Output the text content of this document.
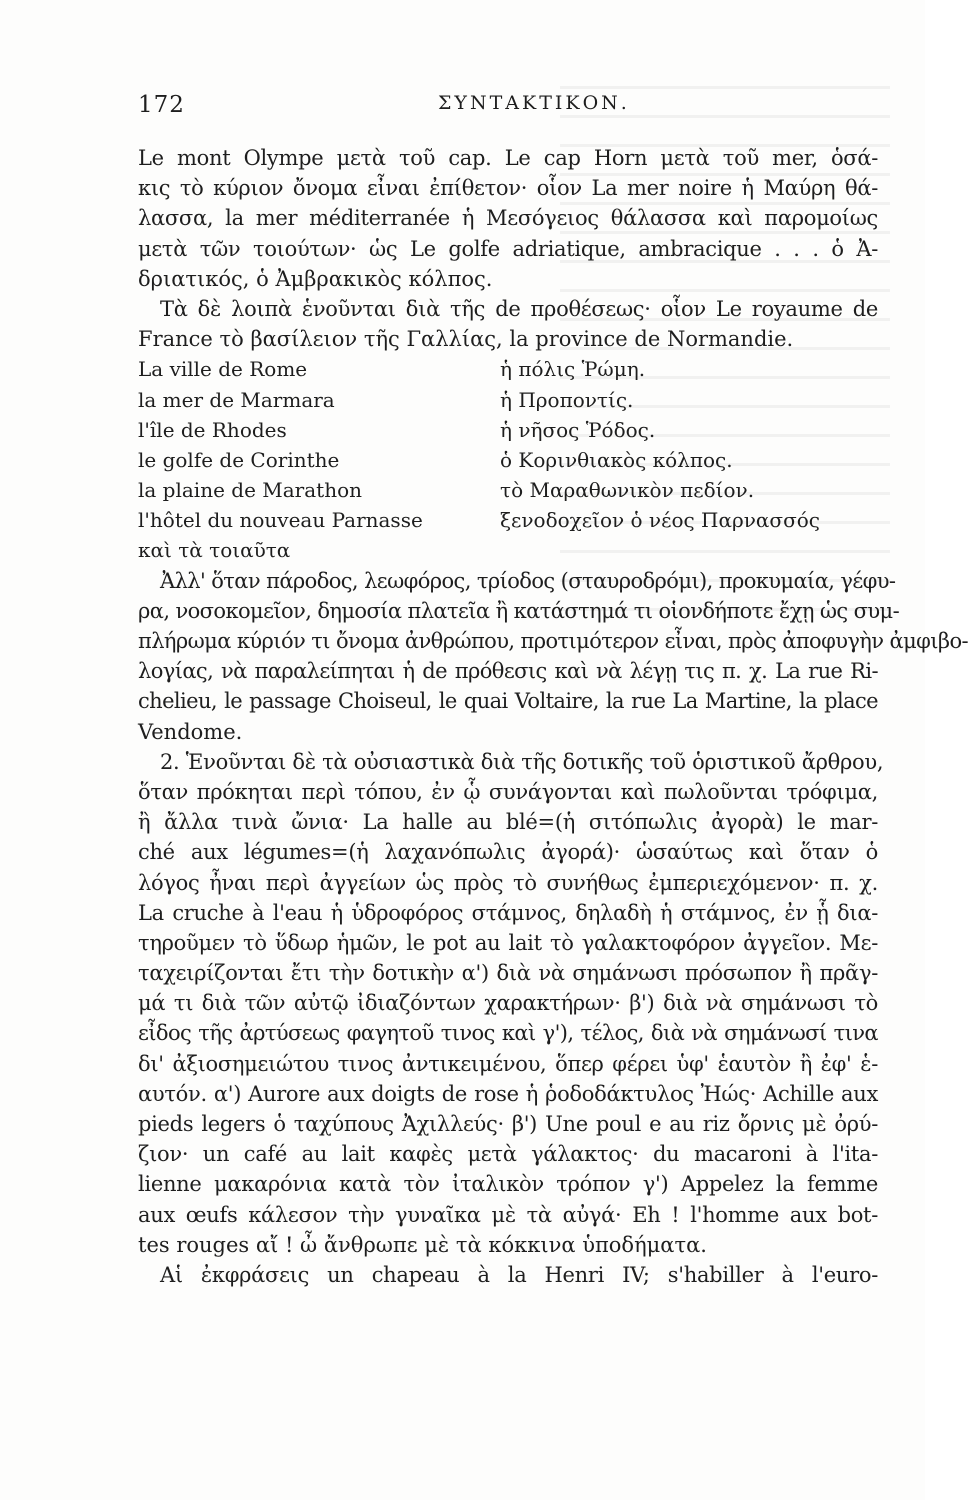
172	ΣΥΝΤΑΚΤΙΚΟΝ.
Le mont Olympe μετὰ τοῦ cap. Le cap Horn μετὰ τοῦ mer, ὁσά-
κις τὸ κύριον ὄνομα εἶναι ἐπίθετον· οἷον La mer noire ἡ Μαύρη θά-
λασσα, la mer méditerranée ἡ Μεσόγειος θάλασσα καὶ παρομοίως
μετὰ τῶν τοιούτων· ὡς Le golfe adriatique, ambracique . . . ὁ Ἀ-
δριατικός, ὁ Ἀμβρακικὸς κόλπος.
Τὰ δὲ λοιπὰ ἑνοῦνται διὰ τῆς de προθέσεως· οἷον Le royaume de
France τὸ βασίλειον τῆς Γαλλίας, la province de Normandie.
La ville de Rome	ἡ πόλις Ῥώμη.
la mer de Marmara	ἡ Προποντίς.
l'île de Rhodes	ἡ νῆσος Ῥόδος.
le golfe de Corinthe	ὁ Κορινθιακὸς κόλπος.
la plaine de Marathon	τὸ Μαραθωνικὸν πεδίον.
l'hôtel du nouveau Parnasse	ξενοδοχεῖον ὁ νέος Παρνασσός
καὶ τὰ τοιαῦτα
Ἀλλ' ὅταν πάροδος, λεωφόρος, τρίοδος (σταυροδρόμι), προκυμαία, γέφυ-
ρα, νοσοκομεῖον, δημοσία πλατεῖα ἢ κατάστημά τι οἱονδήποτε ἔχῃ ὡς συμ-
πλήρωμα κύριόν τι ὄνομα ἀνθρώπου, προτιμότερον εἶναι, πρὸς ἀποφυγὴν ἀμφιβο-
λογίας, νὰ παραλείπηται ἡ de πρόθεσις καὶ νὰ λέγῃ τις π. χ. La rue Ri-
chelieu, le passage Choiseul, le quai Voltaire, la rue La Martine, la place
Vendome.
2. Ἑνοῦνται δὲ τὰ οὐσιαστικὰ διὰ τῆς δοτικῆς τοῦ ὁριστικοῦ ἄρθρου,
ὅταν πρόκηται περὶ τόπου, ἐν ᾧ συνάγονται καὶ πωλοῦνται τρόφιμα,
ἢ ἄλλα τινὰ ὤνια· La halle au blé=(ἡ σιτόπωλις ἀγορὰ) le mar-
ché aux légumes=(ἡ λαχανόπωλις ἀγορά)· ὡσαύτως καὶ ὅταν ὁ
λόγος ἦναι περὶ ἀγγείων ὡς πρὸς τὸ συνήθως ἐμπεριεχόμενον· π. χ.
La cruche à l'eau ἡ ὑδροφόρος στάμνος, δηλαδὴ ἡ στάμνος, ἐν ᾗ δια-
τηροῦμεν τὸ ὕδωρ ἡμῶν, le pot au lait τὸ γαλακτοφόρον ἀγγεῖον. Με-
ταχειρίζονται ἔτι τὴν δοτικὴν α') διὰ νὰ σημάνωσι πρόσωπον ἢ πρᾶγ-
μά τι διὰ τῶν αὐτῷ ἰδιαζόντων χαρακτήρων· β') διὰ νὰ σημάνωσι τὸ
εἶδος τῆς ἀρτύσεως φαγητοῦ τινος καὶ γ'), τέλος, διὰ νὰ σημάνωσί τινα
δι' ἀξιοσημειώτου τινος ἀντικειμένου, ὅπερ φέρει ὑφ' ἑαυτὸν ἢ ἐφ' ἑ-
αυτόν. α') Aurore aux doigts de rose ἡ ῥοδοδάκτυλος Ἠώς· Achille aux
pieds legers ὁ ταχύπους Ἀχιλλεύς· β') Une poul e au riz ὄρνις μὲ ὀρύ-
ζιον· un café au lait καφὲς μετὰ γάλακτος· du macaroni à l'ita-
lienne μακαρόνια κατὰ τὸν ἰταλικὸν τρόπον γ') Appelez la femme
aux œufs κάλεσον τὴν γυναῖκα μὲ τὰ αὐγά· Eh ! l'homme aux bot-
tes rouges αἴ ! ὦ ἄνθρωπε μὲ τὰ κόκκινα ὑποδήματα.
Αἱ ἐκφράσεις un chapeau à la Henri IV; s'habiller à l'euro-
